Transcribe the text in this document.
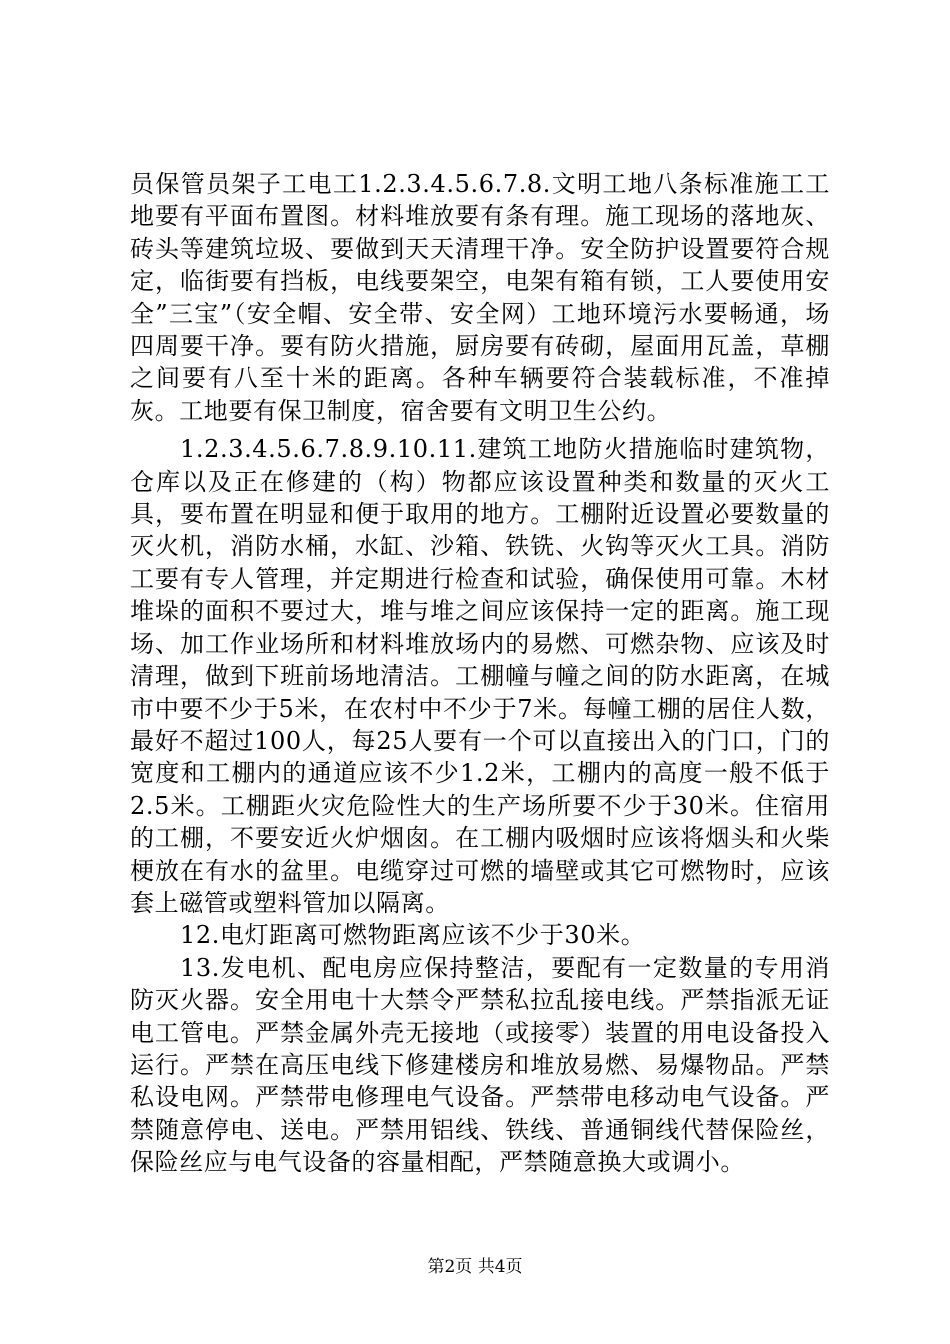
员保管员架子工电工1.2.3.4.5.6.7.8.文明工地八条标准施工工地要有平面布置图。材料堆放要有条有理。施工现场的落地灰、砖头等建筑垃圾、要做到天天清理干净。安全防护设置要符合规定，临街要有挡板，电线要架空，电架有箱有锁，工人要使用安全”三宝”（安全帽、安全带、安全网）工地环境污水要畅通，场四周要干净。要有防火措施，厨房要有砖砌，屋面用瓦盖，草棚之间要有八至十米的距离。各种车辆要符合装载标准，不准掉灰。工地要有保卫制度，宿舍要有文明卫生公约。

1.2.3.4.5.6.7.8.9.10.11.建筑工地防火措施临时建筑物，仓库以及正在修建的（构）物都应该设置种类和数量的灭火工具，要布置在明显和便于取用的地方。工棚附近设置必要数量的灭火机，消防水桶，水缸、沙箱、铁铣、火钩等灭火工具。消防工要有专人管理，并定期进行检查和试验，确保使用可靠。木材堆垛的面积不要过大，堆与堆之间应该保持一定的距离。施工现场、加工作业场所和材料堆放场内的易燃、可燃杂物、应该及时清理，做到下班前场地清洁。工棚幢与幢之间的防水距离，在城市中要不少于5米，在农村中不少于7米。每幢工棚的居住人数，最好不超过100人，每25人要有一个可以直接出入的门口，门的宽度和工棚内的通道应该不少1.2米，工棚内的高度一般不低于2.5米。工棚距火灾危险性大的生产场所要不少于30米。住宿用的工棚，不要安近火炉烟囱。在工棚内吸烟时应该将烟头和火柴梗放在有水的盆里。电缆穿过可燃的墙壁或其它可燃物时，应该套上磁管或塑料管加以隔离。

12.电灯距离可燃物距离应该不少于30米。

13.发电机、配电房应保持整洁，要配有一定数量的专用消防灭火器。安全用电十大禁令严禁私拉乱接电线。严禁指派无证电工管电。严禁金属外壳无接地（或接零）装置的用电设备投入运行。严禁在高压电线下修建楼房和堆放易燃、易爆物品。严禁私设电网。严禁带电修理电气设备。严禁带电移动电气设备。严禁随意停电、送电。严禁用铝线、铁线、普通铜线代替保险丝，保险丝应与电气设备的容量相配，严禁随意换大或调小。

第2页 共4页
